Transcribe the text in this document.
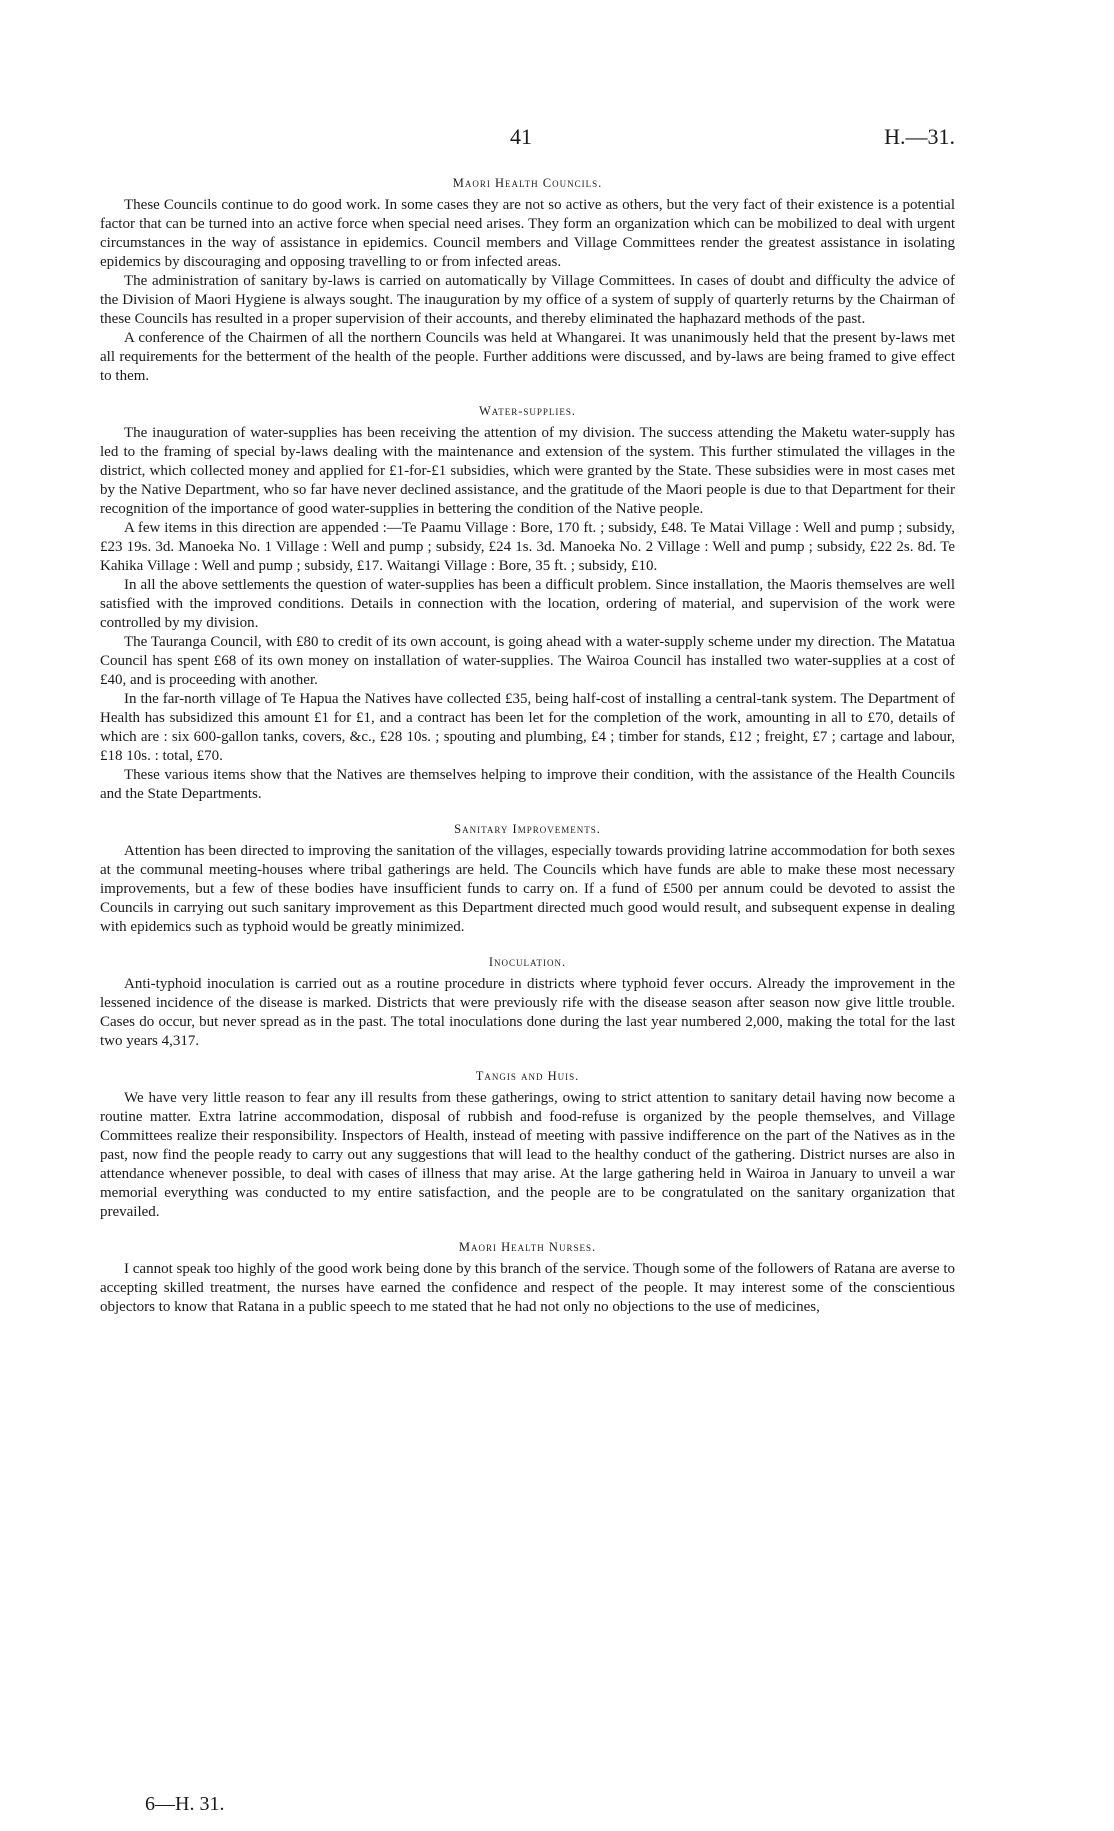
41	H.—31.
Maori Health Councils.

These Councils continue to do good work. In some cases they are not so active as others, but the very fact of their existence is a potential factor that can be turned into an active force when special need arises. They form an organization which can be mobilized to deal with urgent circumstances in the way of assistance in epidemics. Council members and Village Committees render the greatest assistance in isolating epidemics by discouraging and opposing travelling to or from infected areas.

The administration of sanitary by-laws is carried on automatically by Village Committees. In cases of doubt and difficulty the advice of the Division of Maori Hygiene is always sought. The inauguration by my office of a system of supply of quarterly returns by the Chairman of these Councils has resulted in a proper supervision of their accounts, and thereby eliminated the haphazard methods of the past.

A conference of the Chairmen of all the northern Councils was held at Whangarei. It was unanimously held that the present by-laws met all requirements for the betterment of the health of the people. Further additions were discussed, and by-laws are being framed to give effect to them.

Water-supplies.

The inauguration of water-supplies has been receiving the attention of my division. The success attending the Maketu water-supply has led to the framing of special by-laws dealing with the maintenance and extension of the system. This further stimulated the villages in the district, which collected money and applied for £1-for-£1 subsidies, which were granted by the State. These subsidies were in most cases met by the Native Department, who so far have never declined assistance, and the gratitude of the Maori people is due to that Department for their recognition of the importance of good water-supplies in bettering the condition of the Native people.

A few items in this direction are appended :—Te Paamu Village : Bore, 170 ft. ; subsidy, £48. Te Matai Village : Well and pump ; subsidy, £23 19s. 3d. Manoeka No. 1 Village : Well and pump ; subsidy, £24 1s. 3d. Manoeka No. 2 Village : Well and pump ; subsidy, £22 2s. 8d. Te Kahika Village : Well and pump ; subsidy, £17. Waitangi Village : Bore, 35 ft. ; subsidy, £10.

In all the above settlements the question of water-supplies has been a difficult problem. Since installation, the Maoris themselves are well satisfied with the improved conditions. Details in connection with the location, ordering of material, and supervision of the work were controlled by my division.

The Tauranga Council, with £80 to credit of its own account, is going ahead with a water-supply scheme under my direction. The Matatua Council has spent £68 of its own money on installation of water-supplies. The Wairoa Council has installed two water-supplies at a cost of £40, and is proceeding with another.

In the far-north village of Te Hapua the Natives have collected £35, being half-cost of installing a central-tank system. The Department of Health has subsidized this amount £1 for £1, and a contract has been let for the completion of the work, amounting in all to £70, details of which are : six 600-gallon tanks, covers, &c., £28 10s. ; spouting and plumbing, £4 ; timber for stands, £12 ; freight, £7 ; cartage and labour, £18 10s. : total, £70.

These various items show that the Natives are themselves helping to improve their condition, with the assistance of the Health Councils and the State Departments.

Sanitary Improvements.

Attention has been directed to improving the sanitation of the villages, especially towards providing latrine accommodation for both sexes at the communal meeting-houses where tribal gatherings are held. The Councils which have funds are able to make these most necessary improvements, but a few of these bodies have insufficient funds to carry on. If a fund of £500 per annum could be devoted to assist the Councils in carrying out such sanitary improvement as this Department directed much good would result, and subsequent expense in dealing with epidemics such as typhoid would be greatly minimized.

Inoculation.

Anti-typhoid inoculation is carried out as a routine procedure in districts where typhoid fever occurs. Already the improvement in the lessened incidence of the disease is marked. Districts that were previously rife with the disease season after season now give little trouble. Cases do occur, but never spread as in the past. The total inoculations done during the last year numbered 2,000, making the total for the last two years 4,317.

Tangis and Huis.

We have very little reason to fear any ill results from these gatherings, owing to strict attention to sanitary detail having now become a routine matter. Extra latrine accommodation, disposal of rubbish and food-refuse is organized by the people themselves, and Village Committees realize their responsibility. Inspectors of Health, instead of meeting with passive indifference on the part of the Natives as in the past, now find the people ready to carry out any suggestions that will lead to the healthy conduct of the gathering. District nurses are also in attendance whenever possible, to deal with cases of illness that may arise. At the large gathering held in Wairoa in January to unveil a war memorial everything was conducted to my entire satisfaction, and the people are to be congratulated on the sanitary organization that prevailed.

Maori Health Nurses.

I cannot speak too highly of the good work being done by this branch of the service. Though some of the followers of Ratana are averse to accepting skilled treatment, the nurses have earned the confidence and respect of the people. It may interest some of the conscientious objectors to know that Ratana in a public speech to me stated that he had not only no objections to the use of medicines,

6—H. 31.
